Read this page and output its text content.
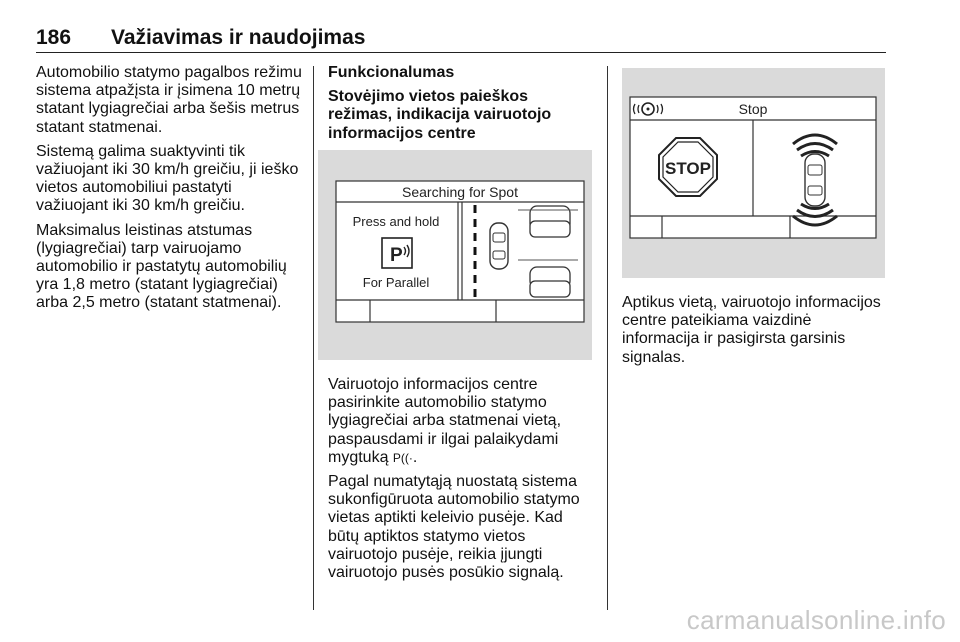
186 Važiavimas ir naudojimas

Automobilio statymo pagalbos režimu sistema atpažįsta ir įsimena 10 metrų statant lygiagrečiai arba šešis metrus statant statmenai.

Sistemą galima suaktyvinti tik važiuojant iki 30 km/h greičiu, ji ieško vietos automobiliui pastatyti važiuojant iki 30 km/h greičiu.

Maksimalus leistinas atstumas (lygiagrečiai) tarp vairuojamo automobilio ir pastatytų automobilių yra 1,8 metro (statant lygiagrečiai) arba 2,5 metro (statant statmenai).

Funkcionalumas

Stovėjimo vietos paieškos režimas, indikacija vairuotojo informacijos centre

Searching for Spot
Press and hold
P
For Parallel

Vairuotojo informacijos centre pasirinkite automobilio statymo lygiagrečiai arba statmenai vietą, paspausdami ir ilgai palaikydami mygtuką P((·.

Pagal numatytąją nuostatą sistema sukonfigūruota automobilio statymo vietas aptikti keleivio pusėje. Kad būtų aptiktos statymo vietos vairuotojo pusėje, reikia įjungti vairuotojo pusės posūkio signalą.

Stop
STOP

Aptikus vietą, vairuotojo informacijos centre pateikiama vaizdinė informacija ir pasigirsta garsinis signalas.

carmanualsonline.info
